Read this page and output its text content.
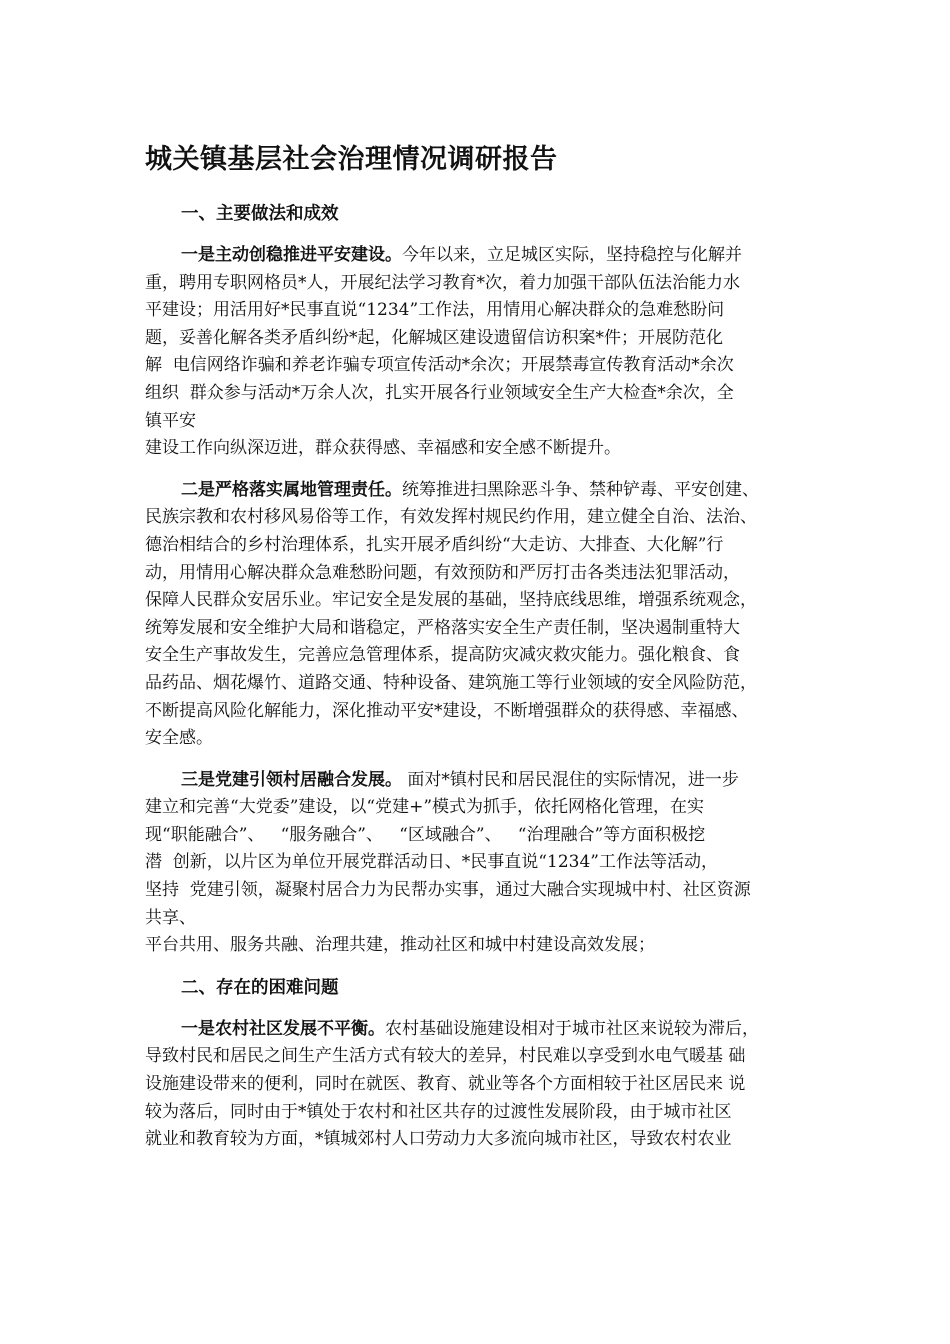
城关镇基层社会治理情况调研报告
一、主要做法和成效

一是主动创稳推进平安建设。今年以来，立足城区实际，坚持稳控与化解并
重，聘用专职网格员*人，开展纪法学习教育*次，着力加强干部队伍法治能力水
平建设；用活用好*民事直说“1234”工作法，用情用心解决群众的急难愁盼问
题，妥善化解各类矛盾纠纷*起，化解城区建设遗留信访积案*件；开展防范化
解  电信网络诈骗和养老诈骗专项宣传活动*余次；开展禁毒宣传教育活动*余次
组织  群众参与活动*万余人次，扎实开展各行业领域安全生产大检查*余次，全
镇平安
建设工作向纵深迈进，群众获得感、幸福感和安全感不断提升。

二是严格落实属地管理责任。统筹推进扫黑除恶斗争、禁种铲毒、平安创建、
民族宗教和农村移风易俗等工作，有效发挥村规民约作用，建立健全自治、法治、
德治相结合的乡村治理体系，扎实开展矛盾纠纷“大走访、大排查、大化解”行
动，用情用心解决群众急难愁盼问题，有效预防和严厉打击各类违法犯罪活动，
保障人民群众安居乐业。牢记安全是发展的基础，坚持底线思维，增强系统观念，
统筹发展和安全维护大局和谐稳定，严格落实安全生产责任制，坚决遏制重特大
安全生产事故发生，完善应急管理体系，提高防灾减灾救灾能力。强化粮食、食
品药品、烟花爆竹、道路交通、特种设备、建筑施工等行业领域的安全风险防范，
不断提高风险化解能力，深化推动平安*建设，不断增强群众的获得感、幸福感、
安全感。

三是党建引领村居融合发展。 面对*镇村民和居民混住的实际情况，进一步
建立和完善“大党委”建设，以“党建+”模式为抓手，依托网格化管理，在实
现“职能融合”、   “服务融合”、   “区域融合”、   “治理融合”等方面积极挖
潜  创新，以片区为单位开展党群活动日、*民事直说“1234”工作法等活动，
坚持  党建引领，凝聚村居合力为民帮办实事，通过大融合实现城中村、社区资源
共享、
平台共用、服务共融、治理共建，推动社区和城中村建设高效发展；

二、存在的困难问题

一是农村社区发展不平衡。农村基础设施建设相对于城市社区来说较为滞后，
导致村民和居民之间生产生活方式有较大的差异，村民难以享受到水电气暖基 础
设施建设带来的便利，同时在就医、教育、就业等各个方面相较于社区居民来 说
较为落后，同时由于*镇处于农村和社区共存的过渡性发展阶段，由于城市社区
就业和教育较为方面，*镇城郊村人口劳动力大多流向城市社区，导致农村农业
